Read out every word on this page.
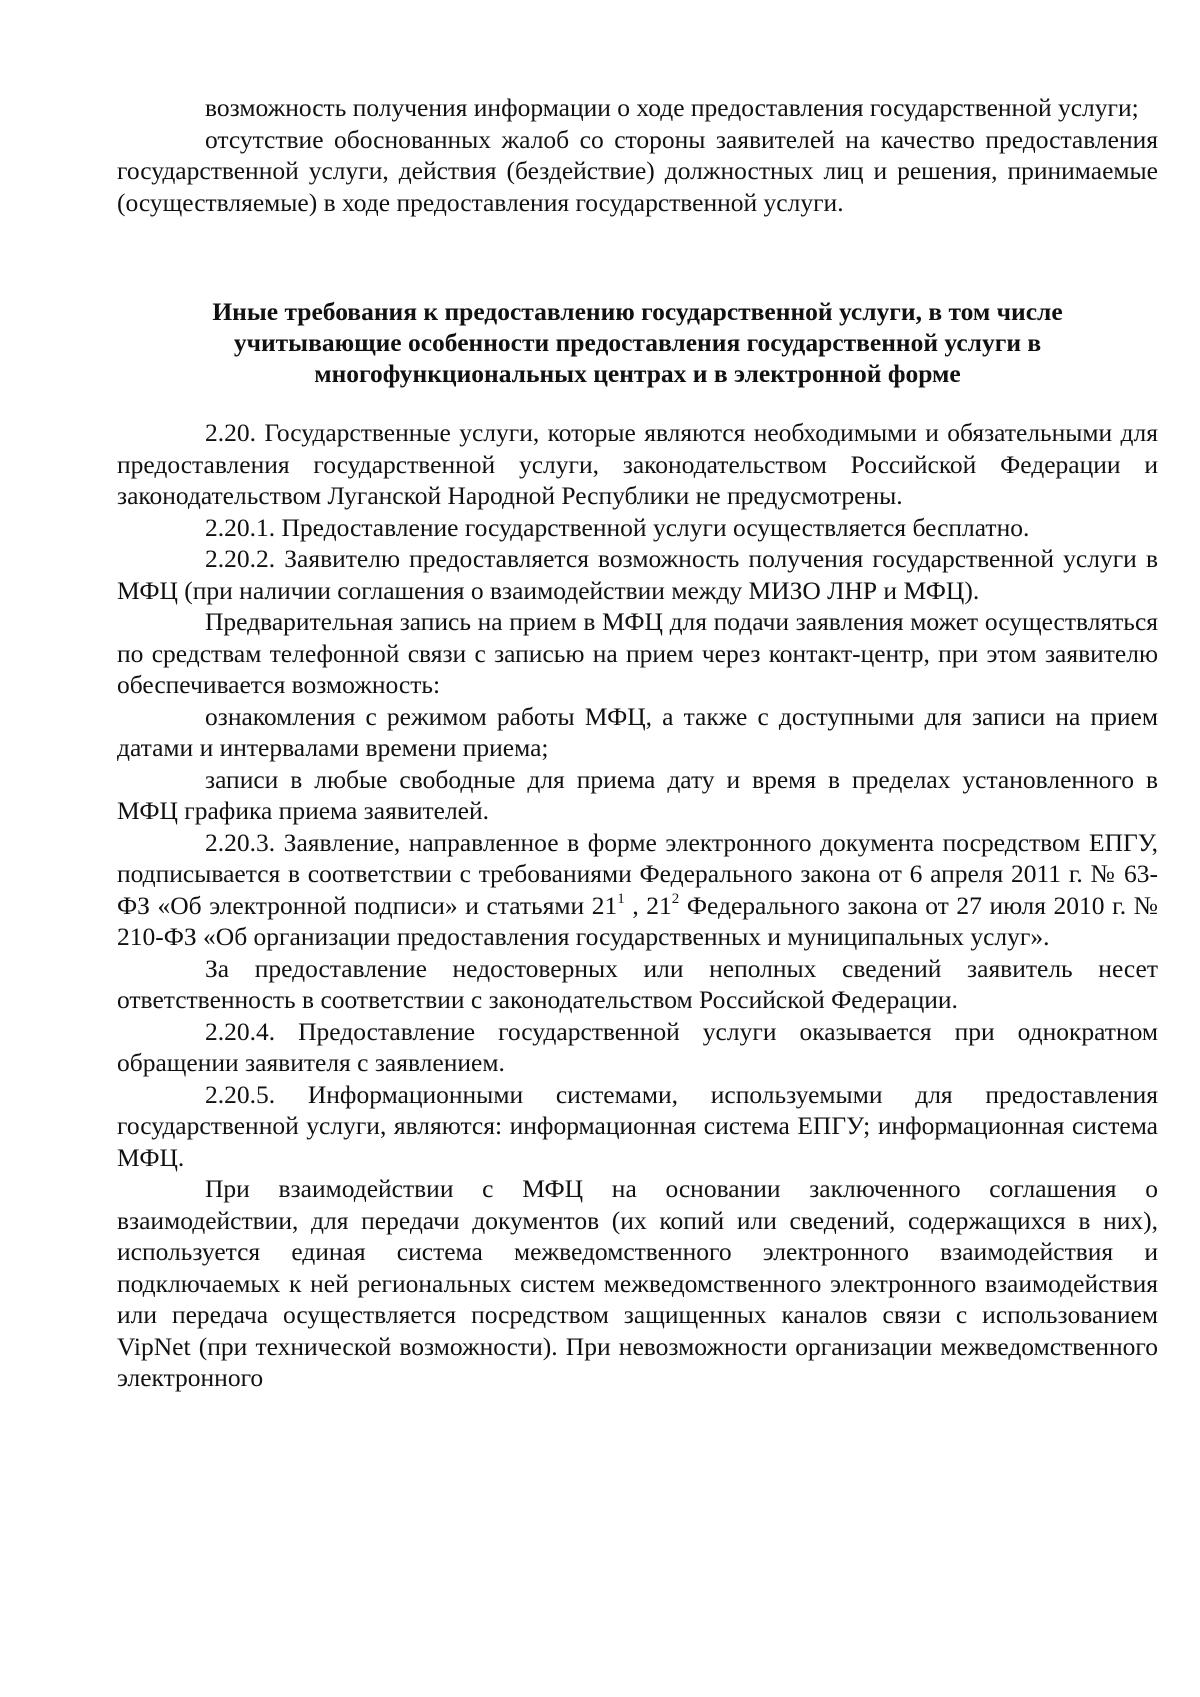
возможность получения информации о ходе предоставления государственной услуги;

отсутствие обоснованных жалоб со стороны заявителей на качество предоставления государственной услуги, действия (бездействие) должностных лиц и решения, принимаемые (осуществляемые) в ходе предоставления государственной услуги.

Иные требования к предоставлению государственной услуги, в том числе
учитывающие особенности предоставления государственной услуги в
многофункциональных центрах и в электронной форме

2.20. Государственные услуги, которые являются необходимыми и обязательными для предоставления государственной услуги, законодательством Российской Федерации и законодательством Луганской Народной Республики не предусмотрены.

2.20.1. Предоставление государственной услуги осуществляется бесплатно.

2.20.2. Заявителю предоставляется возможность получения государственной услуги в МФЦ (при наличии соглашения о взаимодействии между МИЗО ЛНР и МФЦ).

Предварительная запись на прием в МФЦ для подачи заявления может осуществляться по средствам телефонной связи с записью на прием через контакт-центр, при этом заявителю обеспечивается возможность:

ознакомления с режимом работы МФЦ, а также с доступными для записи на прием датами и интервалами времени приема;

записи в любые свободные для приема дату и время в пределах установленного в МФЦ графика приема заявителей.

2.20.3. Заявление, направленное в форме электронного документа посредством ЕПГУ, подписывается в соответствии с требованиями Федерального закона от 6 апреля 2011 г. № 63-ФЗ «Об электронной подписи» и статьями $21^1$ , $21^2$ Федерального закона от 27 июля 2010 г. № 210-ФЗ «Об организации предоставления государственных и муниципальных услуг».

За предоставление недостоверных или неполных сведений заявитель несет ответственность в соответствии с законодательством Российской Федерации.

2.20.4. Предоставление государственной услуги оказывается при однократном обращении заявителя с заявлением.

2.20.5. Информационными системами, используемыми для предоставления государственной услуги, являются: информационная система ЕПГУ; информационная система МФЦ.

При взаимодействии с МФЦ на основании заключенного соглашения о взаимодействии, для передачи документов (их копий или сведений, содержащихся в них), используется единая система межведомственного электронного взаимодействия и подключаемых к ней региональных систем межведомственного электронного взаимодействия или передача осуществляется посредством защищенных каналов связи с использованием VipNet (при технической возможности). При невозможности организации межведомственного электронного
